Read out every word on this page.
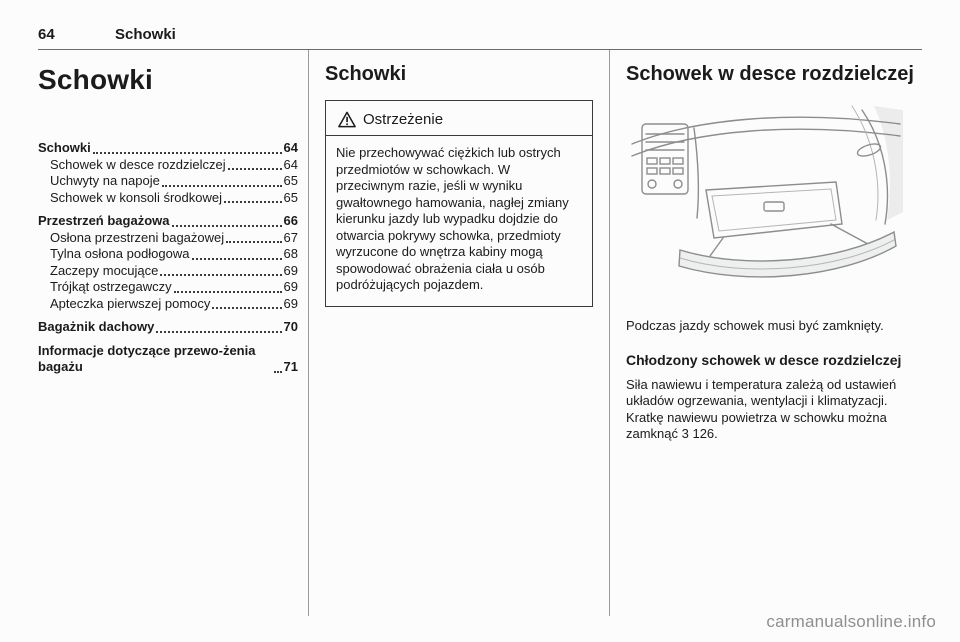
64	Schowki
Schowki
Schowki	64
Schowek w desce rozdzielczej	64
Uchwyty na napoje	65
Schowek w konsoli środkowej	65
Przestrzeń bagażowa	66
Osłona przestrzeni bagażowej	67
Tylna osłona podłogowa	68
Zaczepy mocujące	69
Trójkąt ostrzegawczy	69
Apteczka pierwszej pomocy	69
Bagażnik dachowy	70
Informacje dotyczące przewo-żenia bagażu	71
Schowki
Ostrzeżenie
Nie przechowywać ciężkich lub ostrych przedmiotów w schowkach. W przeciwnym razie, jeśli w wyniku gwałtownego hamowania, nagłej zmiany kierunku jazdy lub wypadku dojdzie do otwarcia pokrywy schowka, przedmioty wyrzucone do wnętrza kabiny mogą spowodować obrażenia ciała u osób podróżujących pojazdem.
Schowek w desce rozdzielczej
Podczas jazdy schowek musi być zamknięty.
Chłodzony schowek w desce rozdzielczej
Siła nawiewu i temperatura zależą od ustawień układów ogrzewania, wentylacji i klimatyzacji. Kratkę nawiewu powietrza w schowku można zamknąć 3 126.
carmanualsonline.info
